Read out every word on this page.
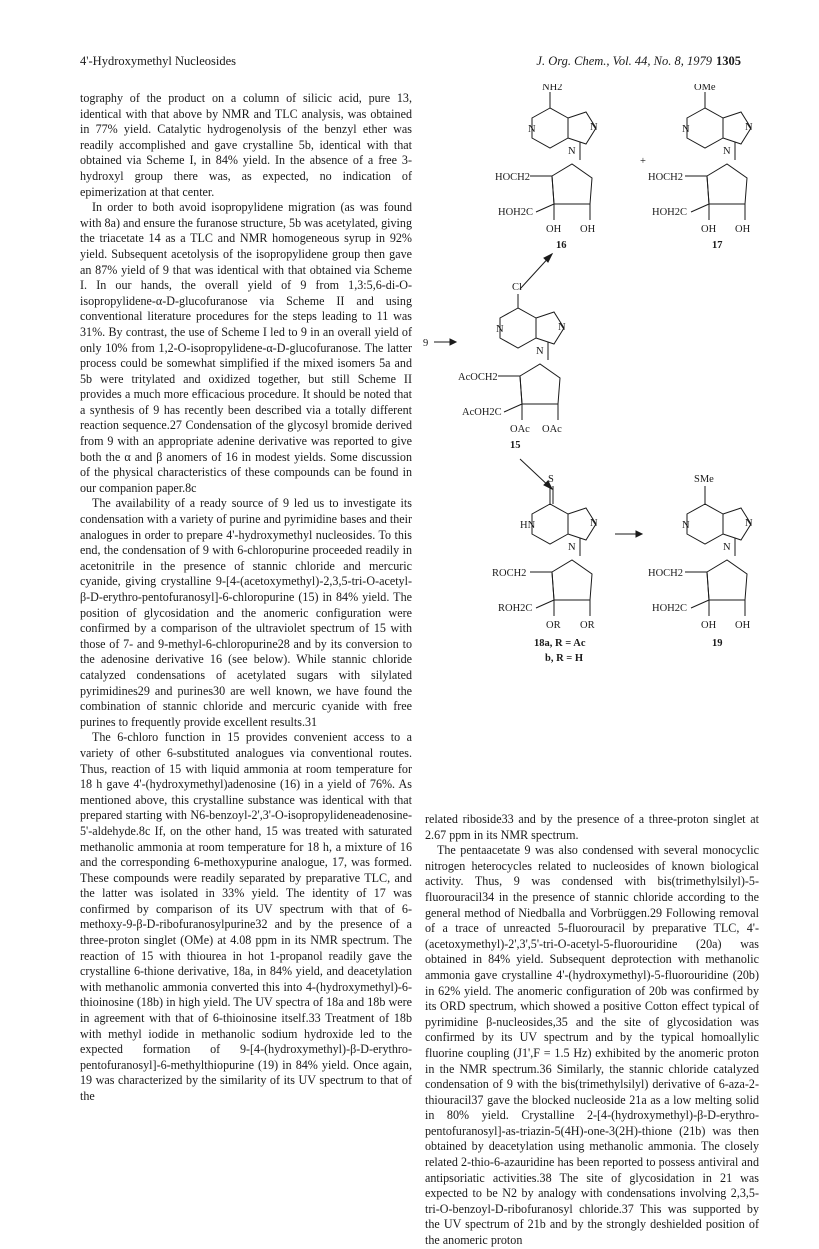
4'-Hydroxymethyl Nucleosides	J. Org. Chem., Vol. 44, No. 8, 1979 1305

tography of the product on a column of silicic acid, pure 13, identical with that above by NMR and TLC analysis, was obtained in 77% yield. Catalytic hydrogenolysis of the benzyl ether was readily accomplished and gave crystalline 5b, identical with that obtained via Scheme I, in 84% yield. In the absence of a free 3-hydroxyl group there was, as expected, no indication of epimerization at that center.

In order to both avoid isopropylidene migration (as was found with 8a) and ensure the furanose structure, 5b was acetylated, giving the triacetate 14 as a TLC and NMR homogeneous syrup in 92% yield. Subsequent acetolysis of the isopropylidene group then gave an 87% yield of 9 that was identical with that obtained via Scheme I. In our hands, the overall yield of 9 from 1,3:5,6-di-O-isopropylidene-α-D-glucofuranose via Scheme II and using conventional literature procedures for the steps leading to 11 was 31%. By contrast, the use of Scheme I led to 9 in an overall yield of only 10% from 1,2-O-isopropylidene-α-D-glucofuranose. The latter process could be somewhat simplified if the mixed isomers 5a and 5b were tritylated and oxidized together, but still Scheme II provides a much more efficacious procedure. It should be noted that a synthesis of 9 has recently been described via a totally different reaction sequence.27 Condensation of the glycosyl bromide derived from 9 with an appropriate adenine derivative was reported to give both the α and β anomers of 16 in modest yields. Some discussion of the physical characteristics of these compounds can be found in our companion paper.8c

The availability of a ready source of 9 led us to investigate its condensation with a variety of purine and pyrimidine bases and their analogues in order to prepare 4'-hydroxymethyl nucleosides. To this end, the condensation of 9 with 6-chloropurine proceeded readily in acetonitrile in the presence of stannic chloride and mercuric cyanide, giving crystalline 9-[4-(acetoxymethyl)-2,3,5-tri-O-acetyl-β-D-erythro-pentofuranosyl]-6-chloropurine (15) in 84% yield. The position of glycosidation and the anomeric configuration were confirmed by a comparison of the ultraviolet spectrum of 15 with those of 7- and 9-methyl-6-chloropurine28 and by its conversion to the adenosine derivative 16 (see below). While stannic chloride catalyzed condensations of acetylated sugars with silylated pyrimidines29 and purines30 are well known, we have found the combination of stannic chloride and mercuric cyanide with free purines to frequently provide excellent results.31

The 6-chloro function in 15 provides convenient access to a variety of other 6-substituted analogues via conventional routes. Thus, reaction of 15 with liquid ammonia at room temperature for 18 h gave 4'-(hydroxymethyl)adenosine (16) in a yield of 76%. As mentioned above, this crystalline substance was identical with that prepared starting with N6-benzoyl-2',3'-O-isopropylideneadenosine-5'-aldehyde.8c If, on the other hand, 15 was treated with saturated methanolic ammonia at room temperature for 18 h, a mixture of 16 and the corresponding 6-methoxypurine analogue, 17, was formed. These compounds were readily separated by preparative TLC, and the latter was isolated in 33% yield. The identity of 17 was confirmed by comparison of its UV spectrum with that of 6-methoxy-9-β-D-ribofuranosylpurine32 and by the presence of a three-proton singlet (OMe) at 4.08 ppm in its NMR spectrum. The reaction of 15 with thiourea in hot 1-propanol readily gave the crystalline 6-thione derivative, 18a, in 84% yield, and deacetylation with methanolic ammonia converted this into 4-(hydroxymethyl)-6-thioinosine (18b) in high yield. The UV spectra of 18a and 18b were in agreement with that of 6-thioinosine itself.33 Treatment of 18b with methyl iodide in methanolic sodium hydroxide led to the expected formation of 9-[4-(hydroxymethyl)-β-D-erythro-pentofuranosyl]-6-methylthiopurine (19) in 84% yield. Once again, 19 was characterized by the similarity of its UV spectrum to that of the

related riboside33 and by the presence of a three-proton singlet at 2.67 ppm in its NMR spectrum.

The pentaacetate 9 was also condensed with several monocyclic nitrogen heterocycles related to nucleosides of known biological activity. Thus, 9 was condensed with bis(trimethylsilyl)-5-fluorouracil34 in the presence of stannic chloride according to the general method of Niedballa and Vorbrüggen.29 Following removal of a trace of unreacted 5-fluorouracil by preparative TLC, 4'-(acetoxymethyl)-2',3',5'-tri-O-acetyl-5-fluorouridine (20a) was obtained in 84% yield. Subsequent deprotection with methanolic ammonia gave crystalline 4'-(hydroxymethyl)-5-fluorouridine (20b) in 62% yield. The anomeric configuration of 20b was confirmed by its ORD spectrum, which showed a positive Cotton effect typical of pyrimidine β-nucleosides,35 and the site of glycosidation was confirmed by its UV spectrum and by the typical homoallylic fluorine coupling (J1',F = 1.5 Hz) exhibited by the anomeric proton in the NMR spectrum.36 Similarly, the stannic chloride catalyzed condensation of 9 with the bis(trimethylsilyl) derivative of 6-aza-2-thiouracil37 gave the blocked nucleoside 21a as a low melting solid in 80% yield. Crystalline 2-[4-(hydroxymethyl)-β-D-erythro-pentofuranosyl]-as-triazin-5(4H)-one-3(2H)-thione (21b) was then obtained by deacetylation using methanolic ammonia. The closely related 2-thio-6-azauridine has been reported to possess antiviral and antipsoriatic activities.38 The site of glycosidation in 21 was expected to be N2 by analogy with condensations involving 2,3,5-tri-O-benzoyl-D-ribofuranosyl chloride.37 This was supported by the UV spectrum of 21b and by the strongly deshielded position of the anomeric proton

NH2
N	N
N
HOCH2
HOH2C
OH OH
16
+
OMe
N	N
N
HOCH2
HOH2C
OH OH
17
9
Cl
N	N
N
AcOCH2
AcOH2C
OAc OAc
15
S
HN	N
N
ROCH2
ROH2C
OR OR
18a, R = Ac
b, R = H
SMe
N	N
N
HOCH2
HOH2C
OH OH
19
